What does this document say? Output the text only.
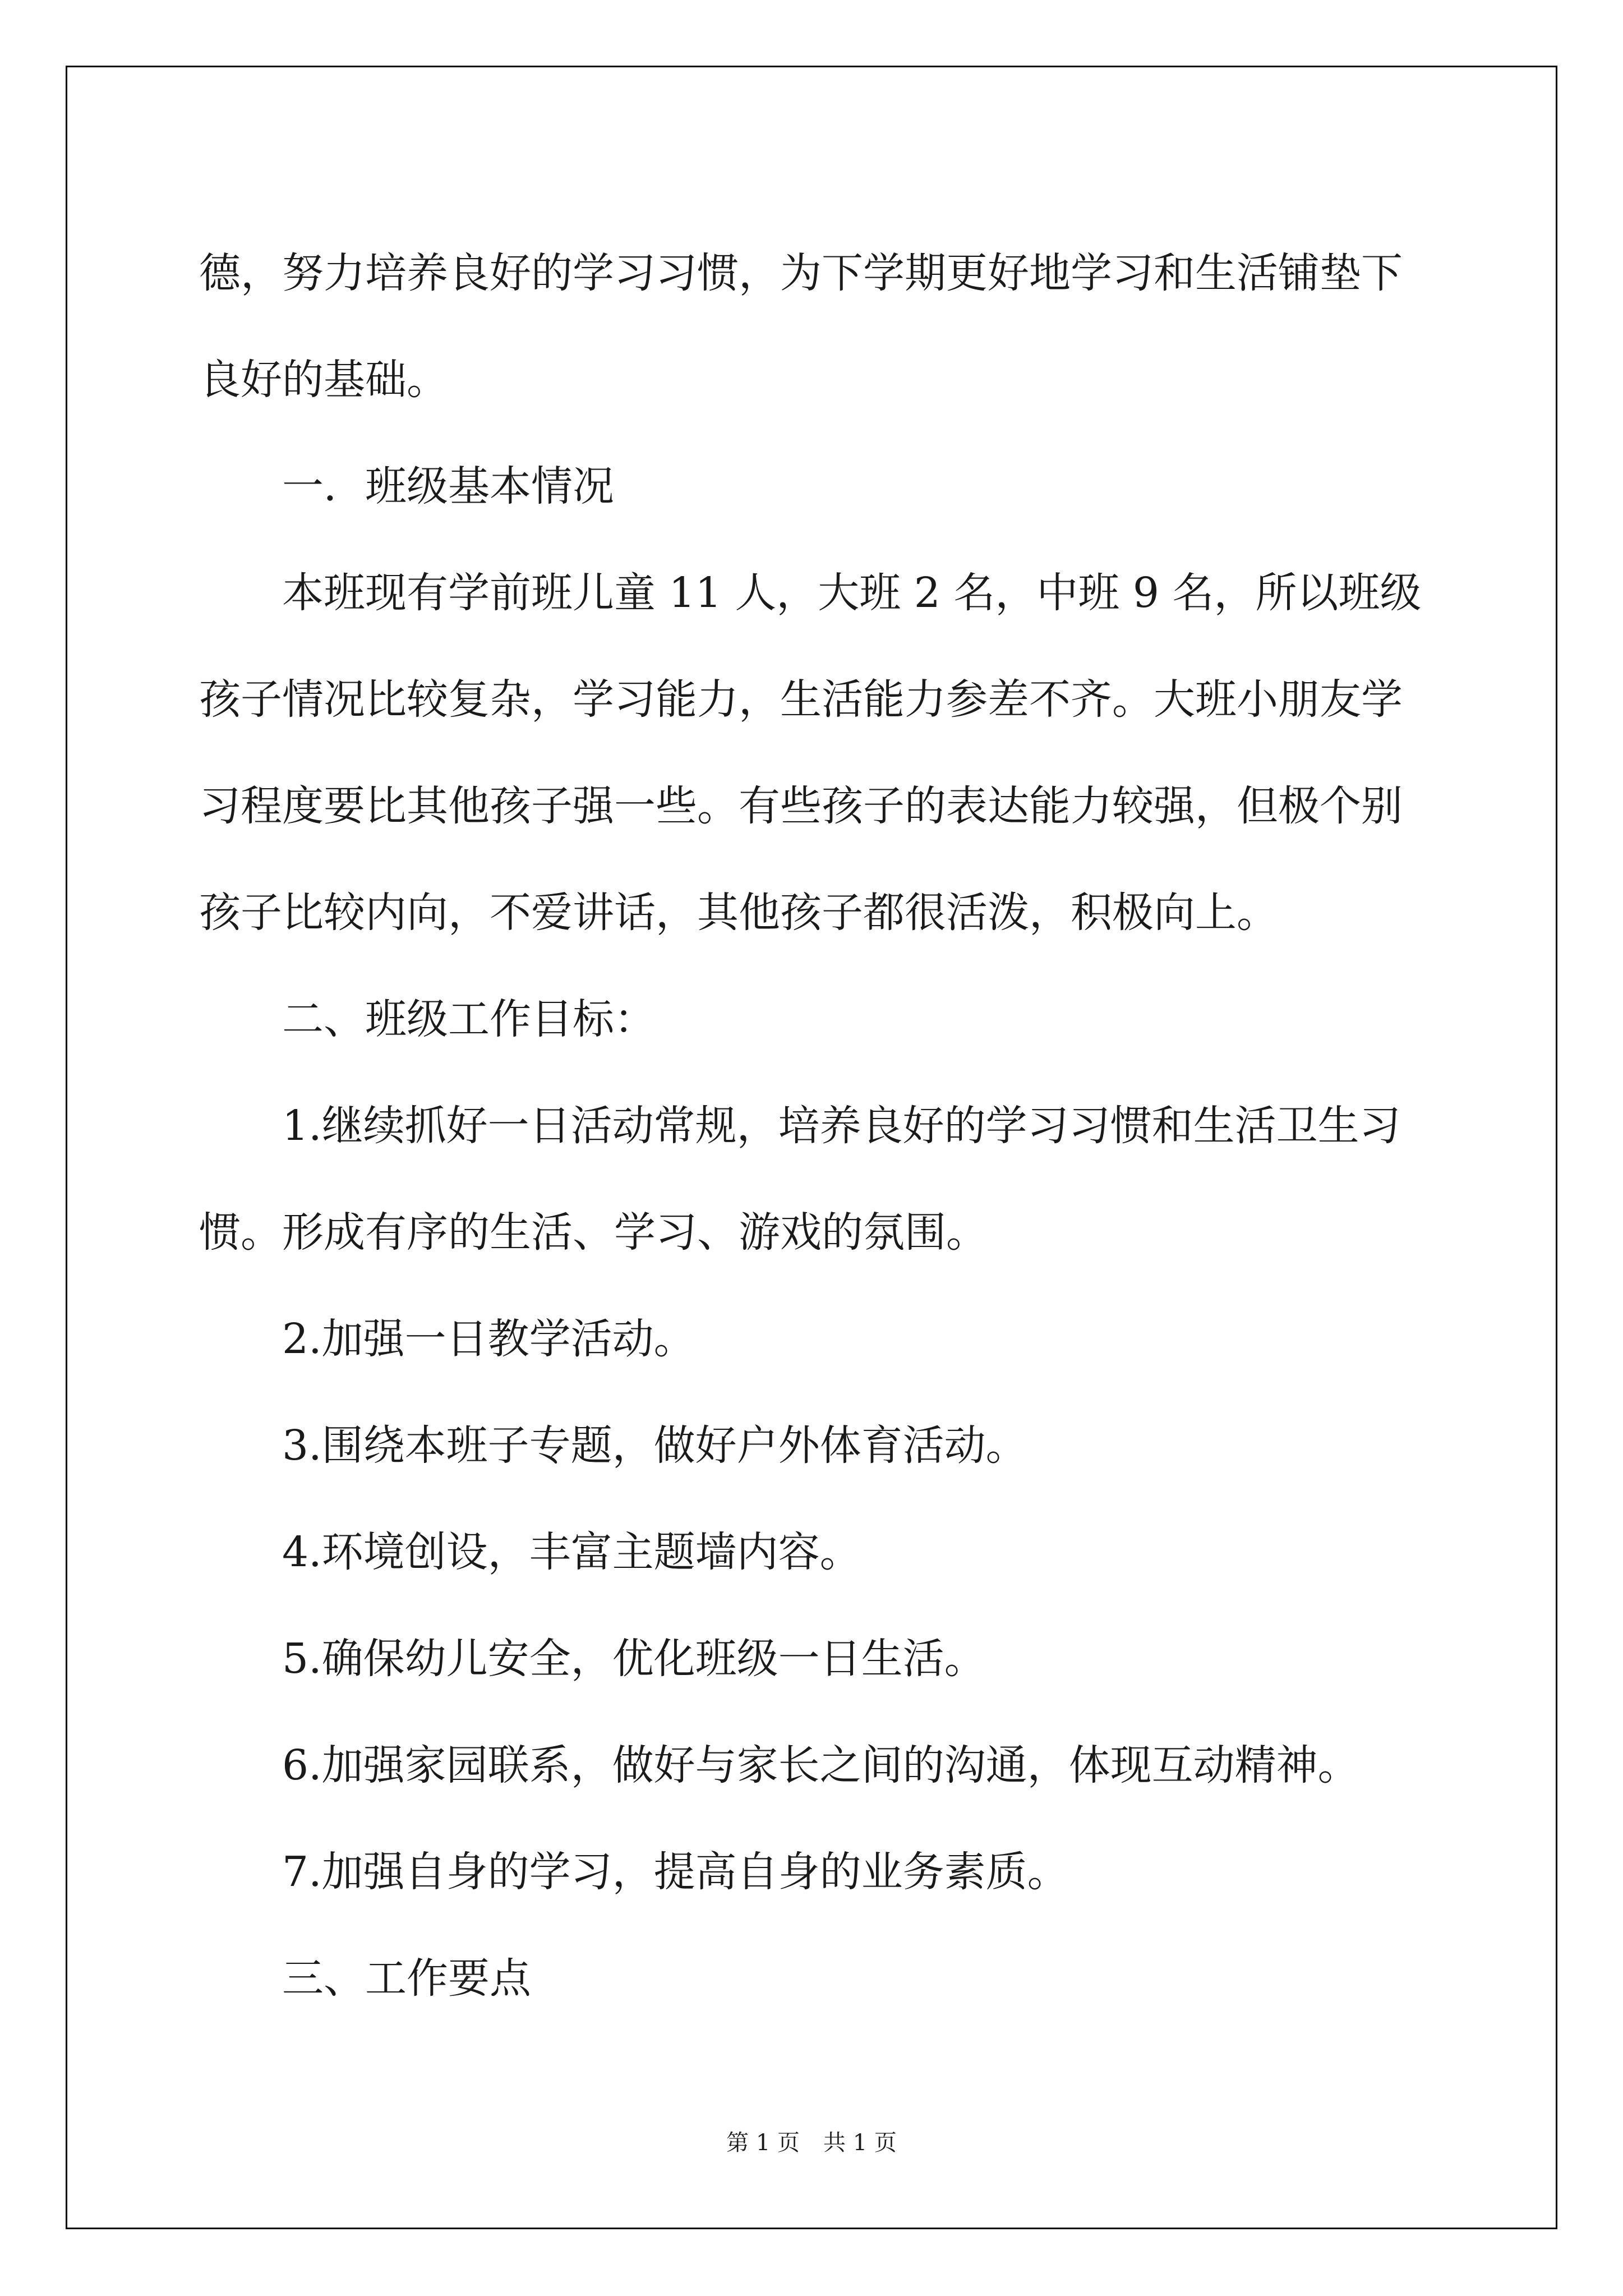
德，努力培养良好的学习习惯，为下学期更好地学习和生活铺垫下良好的基础。

一．班级基本情况

本班现有学前班儿童 11 人，大班 2 名，中班 9 名，所以班级孩子情况比较复杂，学习能力，生活能力参差不齐。大班小朋友学习程度要比其他孩子强一些。有些孩子的表达能力较强，但极个别孩子比较内向，不爱讲话，其他孩子都很活泼，积极向上。

二、班级工作目标：

1.继续抓好一日活动常规，培养良好的学习习惯和生活卫生习惯。形成有序的生活、学习、游戏的氛围。

2.加强一日教学活动。

3.围绕本班子专题，做好户外体育活动。

4.环境创设，丰富主题墙内容。

5.确保幼儿安全，优化班级一日生活。

6.加强家园联系，做好与家长之间的沟通，体现互动精神。

7.加强自身的学习，提高自身的业务素质。

三、工作要点

第 1 页 共 1 页
